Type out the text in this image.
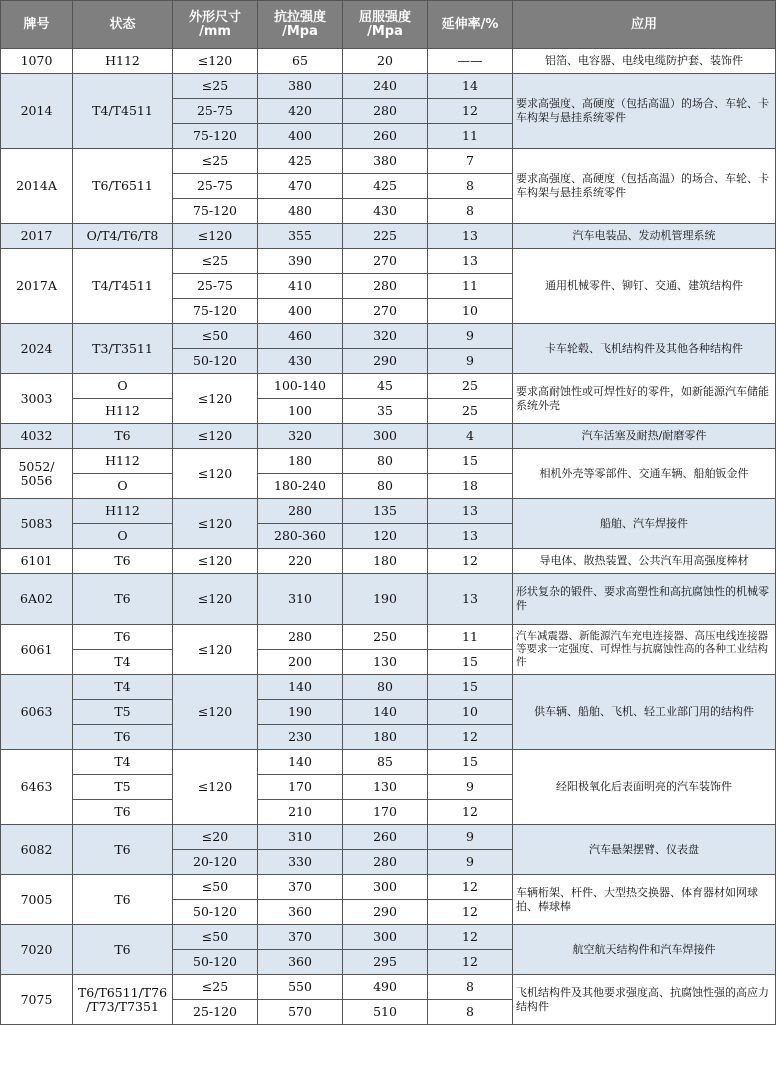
牌号	状态	外形尺寸 /mm	抗拉强度 /Mpa	屈服强度 /Mpa	延伸率/%	应用
1070	H112	≤120	65	20	——	铝箔、电容器、电线电缆防护套、装饰件
2014	T4/T4511	≤25	380	240	14	要求高强度、高硬度（包括高温）的场合、车轮、卡车构架与悬挂系统零件
		25-75	420	280	12	
		75-120	400	260	11	
2014A	T6/T6511	≤25	425	380	7	要求高强度、高硬度（包括高温）的场合、车轮、卡车构架与悬挂系统零件
		25-75	470	425	8	
		75-120	480	430	8	
2017	O/T4/T6/T8	≤120	355	225	13	汽车电装品、发动机管理系统
2017A	T4/T4511	≤25	390	270	13	通用机械零件、铆钉、交通、建筑结构件
		25-75	410	280	11	
		75-120	400	270	10	
2024	T3/T3511	≤50	460	320	9	卡车轮毂、飞机结构件及其他各种结构件
		50-120	430	290	9	
3003	O	≤120	100-140	45	25	要求高耐蚀性或可焊性好的零件，如新能源汽车储能系统外壳
	H112		100	35	25	
4032	T6	≤120	320	300	4	汽车活塞及耐热/耐磨零件
5052/ 5056	H112	≤120	180	80	15	相机外壳等零部件、交通车辆、船舶钣金件
	O		180-240	80	18	
5083	H112	≤120	280	135	13	船舶、汽车焊接件
	O		280-360	120	13	
6101	T6	≤120	220	180	12	导电体、散热装置、公共汽车用高强度棒材
6A02	T6	≤120	310	190	13	形状复杂的锻件、要求高塑性和高抗腐蚀性的机械零件
6061	T6	≤120	280	250	11	汽车减震器、新能源汽车充电连接器、高压电线连接器等要求一定强度、可焊性与抗腐蚀性高的各种工业结构件
	T4		200	130	15	
6063	T4	≤120	140	80	15	供车辆、船舶、飞机、轻工业部门用的结构件
	T5		190	140	10	
	T6		230	180	12	
6463	T4	≤120	140	85	15	经阳极氧化后表面明亮的汽车装饰件
	T5		170	130	9	
	T6		210	170	12	
6082	T6	≤20	310	260	9	汽车悬架摆臂、仪表盘
		20-120	330	280	9	
7005	T6	≤50	370	300	12	车辆桁架、杆件、大型热交换器、体育器材如网球拍、棒球棒
		50-120	360	290	12	
7020	T6	≤50	370	300	12	航空航天结构件和汽车焊接件
		50-120	360	295	12	
7075	T6/T6511/T76 /T73/T7351	≤25	550	490	8	飞机结构件及其他要求强度高、抗腐蚀性强的高应力结构件
		25-120	570	510	8	
